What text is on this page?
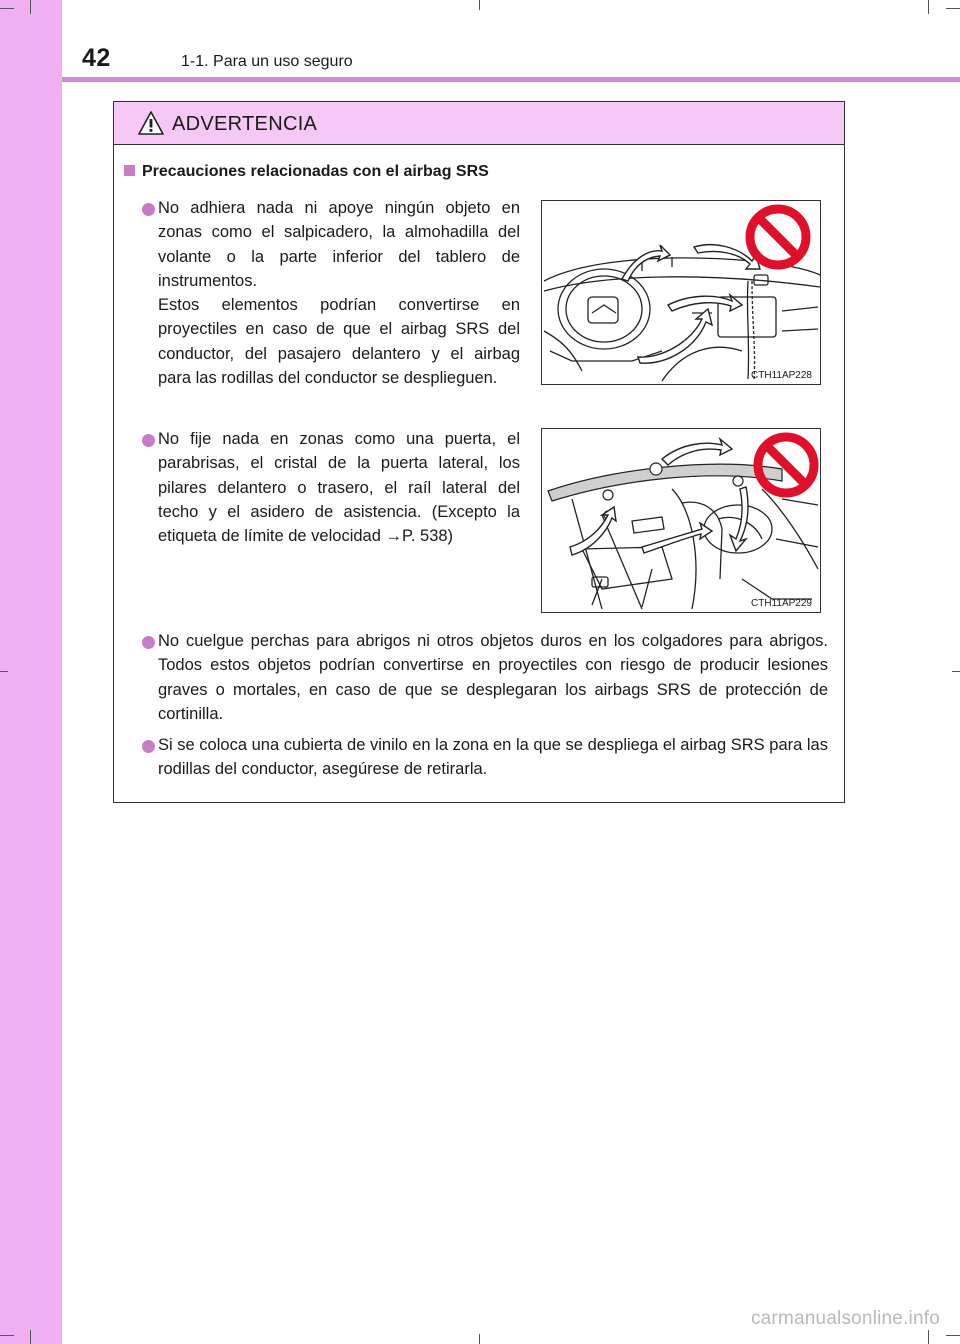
42	1-1. Para un uso seguro
ADVERTENCIA
Precauciones relacionadas con el airbag SRS

No adhiera nada ni apoye ningún objeto en zonas como el salpicadero, la almohadilla del volante o la parte inferior del tablero de instrumentos.

Estos elementos podrían convertirse en proyectiles en caso de que el airbag SRS del conductor, del pasajero delantero y el airbag para las rodillas del conductor se desplieguen.	CTH11AP228

No fije nada en zonas como una puerta, el parabrisas, el cristal de la puerta lateral, los pilares delantero o trasero, el raíl lateral del techo y el asidero de asistencia. (Excepto la etiqueta de límite de velocidad →P. 538)

CTH11AP229

No cuelgue perchas para abrigos ni otros objetos duros en los colgadores para abrigos. Todos estos objetos podrían convertirse en proyectiles con riesgo de producir lesiones graves o mortales, en caso de que se desplegaran los airbags SRS de protección de cortinilla.

Si se coloca una cubierta de vinilo en la zona en la que se despliega el airbag SRS para las rodillas del conductor, asegúrese de retirarla.

carmanualsonline.info
